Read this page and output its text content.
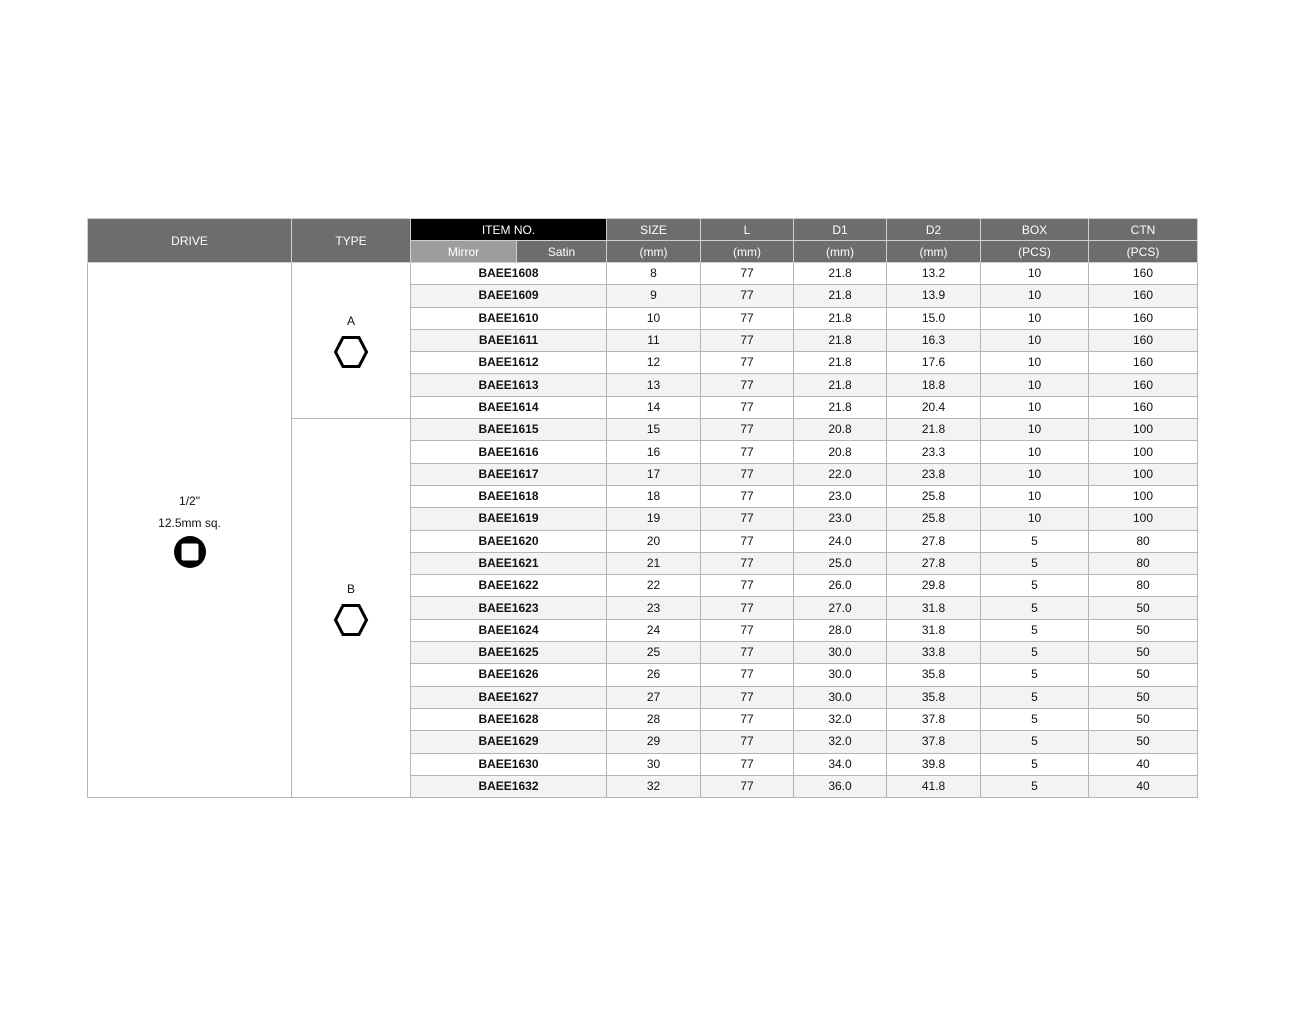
DRIVE	TYPE	ITEM NO.		SIZE	L	D1	D2	BOX	CTN
		Mirror	Satin	(mm)	(mm)	(mm)	(mm)	(PCS)	(PCS)

1/2"
12.5mm sq.	A	BAEE1608		8	77	21.8	13.2	10	160
		BAEE1609		9	77	21.8	13.9	10	160
		BAEE1610		10	77	21.8	15.0	10	160
		BAEE1611		11	77	21.8	16.3	10	160
		BAEE1612		12	77	21.8	17.6	10	160
		BAEE1613		13	77	21.8	18.8	10	160
		BAEE1614		14	77	21.8	20.4	10	160

	B	BAEE1615		15	77	20.8	21.8	10	100
		BAEE1616		16	77	20.8	23.3	10	100
		BAEE1617		17	77	22.0	23.8	10	100
		BAEE1618		18	77	23.0	25.8	10	100
		BAEE1619		19	77	23.0	25.8	10	100
		BAEE1620		20	77	24.0	27.8	5	80
		BAEE1621		21	77	25.0	27.8	5	80
		BAEE1622		22	77	26.0	29.8	5	80
		BAEE1623		23	77	27.0	31.8	5	50
		BAEE1624		24	77	28.0	31.8	5	50
		BAEE1625		25	77	30.0	33.8	5	50
		BAEE1626		26	77	30.0	35.8	5	50
		BAEE1627		27	77	30.0	35.8	5	50
		BAEE1628		28	77	32.0	37.8	5	50
		BAEE1629		29	77	32.0	37.8	5	50
		BAEE1630		30	77	34.0	39.8	5	40
		BAEE1632		32	77	36.0	41.8	5	40
